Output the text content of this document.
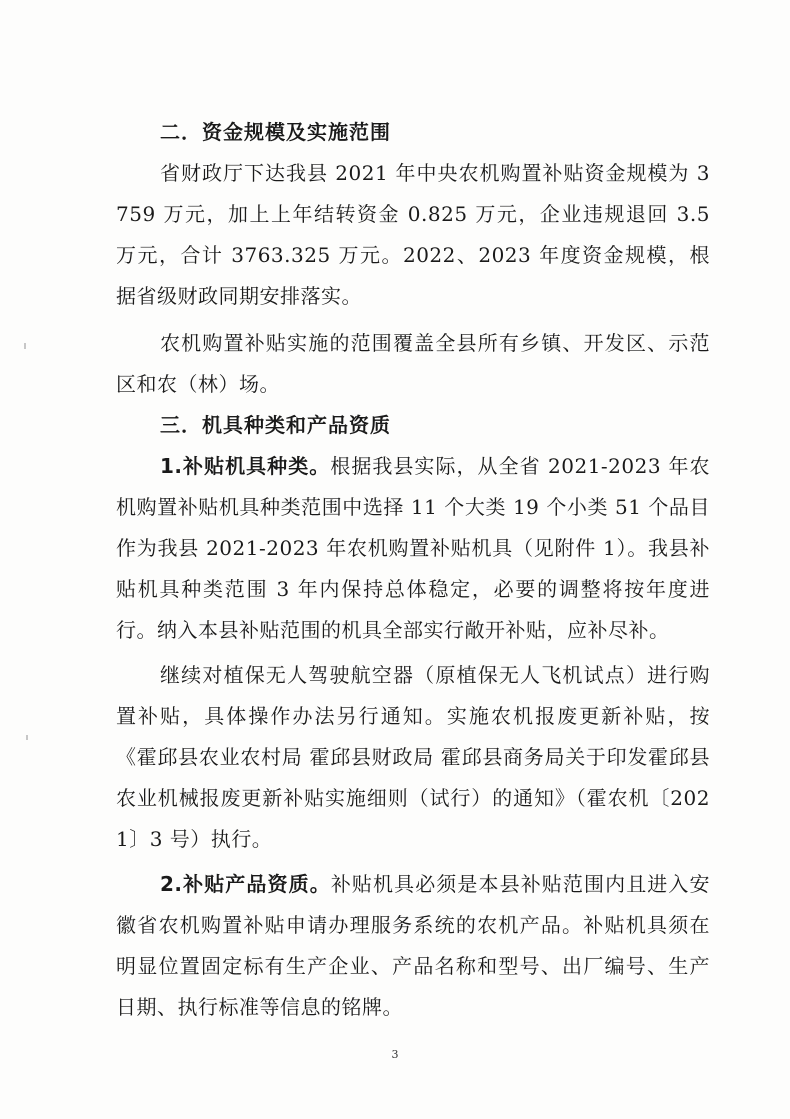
二．资金规模及实施范围

省财政厅下达我县 2021 年中央农机购置补贴资金规模为 3759 万元，加上上年结转资金 0.825 万元，企业违规退回 3.5 万元，合计 3763.325 万元。2022、2023 年度资金规模，根据省级财政同期安排落实。

农机购置补贴实施的范围覆盖全县所有乡镇、开发区、示范区和农（林）场。

三．机具种类和产品资质

1.补贴机具种类。根据我县实际，从全省 2021-2023 年农机购置补贴机具种类范围中选择 11 个大类 19 个小类 51 个品目作为我县 2021-2023 年农机购置补贴机具（见附件 1）。我县补贴机具种类范围 3 年内保持总体稳定，必要的调整将按年度进行。纳入本县补贴范围的机具全部实行敞开补贴，应补尽补。

继续对植保无人驾驶航空器（原植保无人飞机试点）进行购置补贴，具体操作办法另行通知。实施农机报废更新补贴，按《霍邱县农业农村局 霍邱县财政局 霍邱县商务局关于印发霍邱县农业机械报废更新补贴实施细则（试行）的通知》（霍农机〔2021〕3 号）执行。

2.补贴产品资质。补贴机具必须是本县补贴范围内且进入安徽省农机购置补贴申请办理服务系统的农机产品。补贴机具须在明显位置固定标有生产企业、产品名称和型号、出厂编号、生产日期、执行标准等信息的铭牌。

3
